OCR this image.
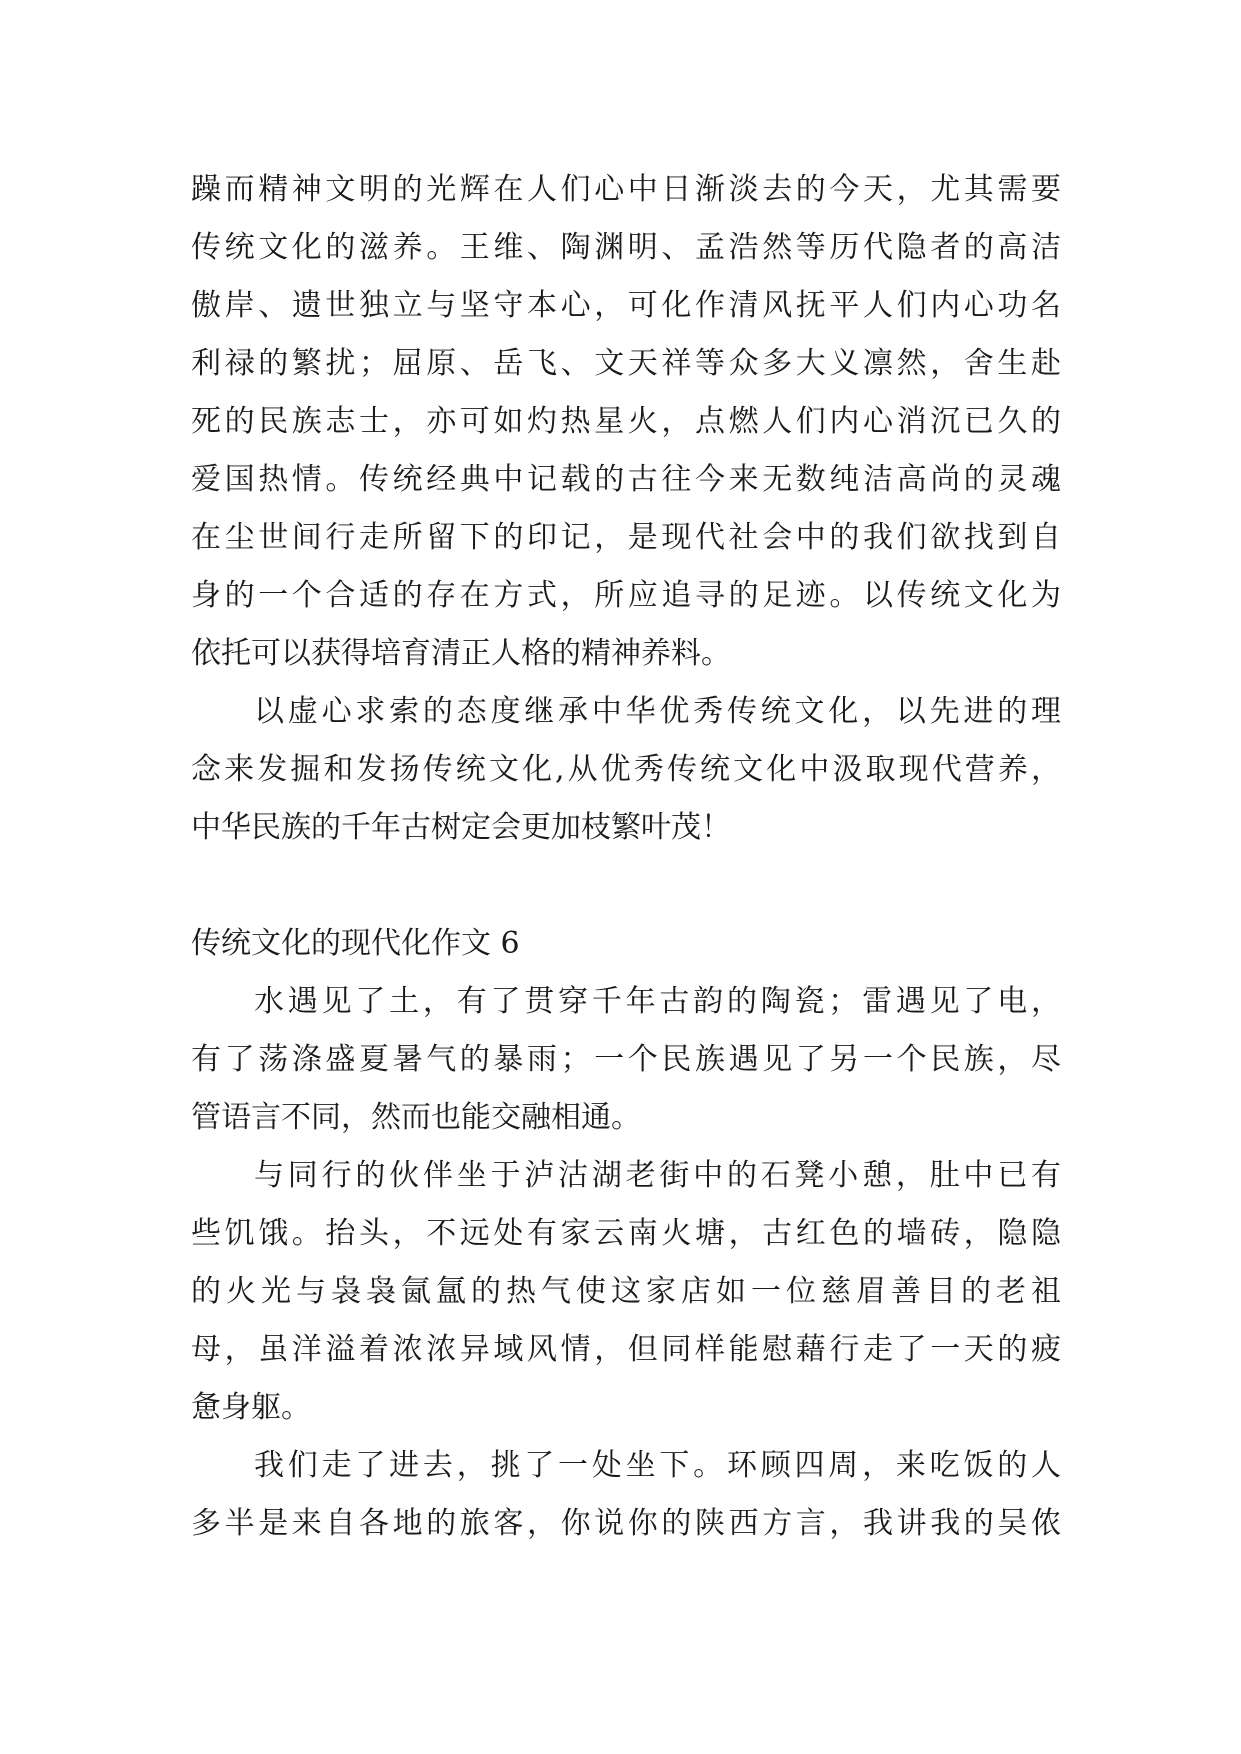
躁而精神文明的光辉在人们心中日渐淡去的今天，尤其需要
传统文化的滋养。王维、陶渊明、孟浩然等历代隐者的高洁
傲岸、遗世独立与坚守本心，可化作清风抚平人们内心功名
利禄的繁扰；屈原、岳飞、文天祥等众多大义凛然，舍生赴
死的民族志士，亦可如灼热星火，点燃人们内心消沉已久的
爱国热情。传统经典中记载的古往今来无数纯洁高尚的灵魂
在尘世间行走所留下的印记，是现代社会中的我们欲找到自
身的一个合适的存在方式，所应追寻的足迹。以传统文化为
依托可以获得培育清正人格的精神养料。
以虚心求索的态度继承中华优秀传统文化，以先进的理
念来发掘和发扬传统文化,从优秀传统文化中汲取现代营养，
中华民族的千年古树定会更加枝繁叶茂！
传统文化的现代化作文 6
水遇见了土，有了贯穿千年古韵的陶瓷；雷遇见了电，
有了荡涤盛夏暑气的暴雨；一个民族遇见了另一个民族，尽
管语言不同，然而也能交融相通。
与同行的伙伴坐于泸沽湖老街中的石凳小憩，肚中已有
些饥饿。抬头，不远处有家云南火塘，古红色的墙砖，隐隐
的火光与袅袅氤氲的热气使这家店如一位慈眉善目的老祖
母，虽洋溢着浓浓异域风情，但同样能慰藉行走了一天的疲
惫身躯。
我们走了进去，挑了一处坐下。环顾四周，来吃饭的人
多半是来自各地的旅客，你说你的陕西方言，我讲我的吴侬
